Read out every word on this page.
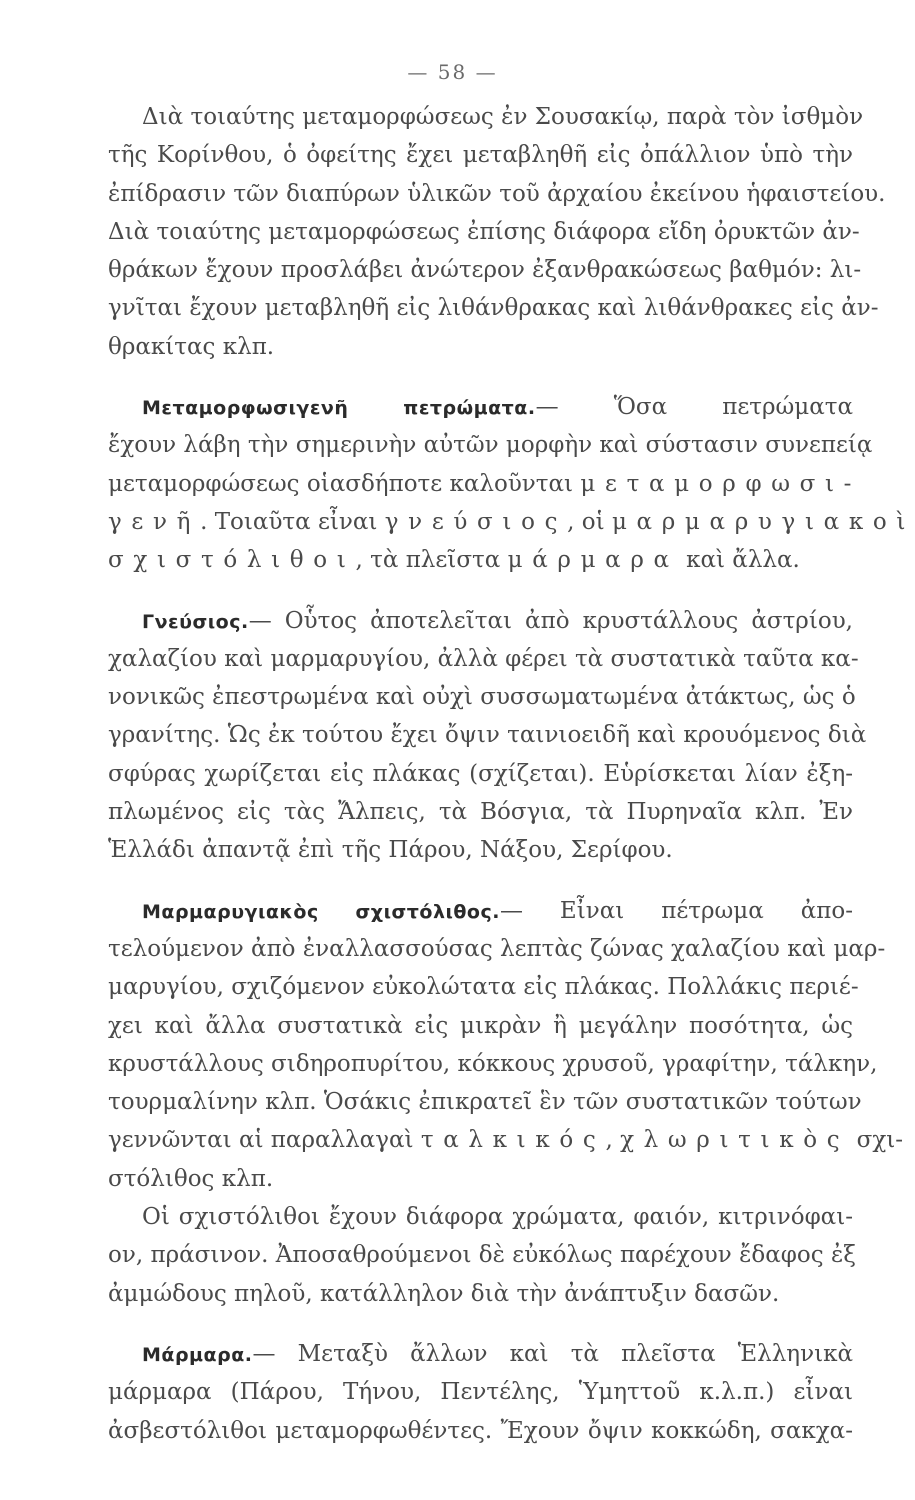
— 58 —
Διὰ τοιαύτης μεταμορφώσεως ἐν Σουσακίῳ, παρὰ τὸν ἰσθμὸν
τῆς Κορίνθου, ὁ ὀφείτης ἔχει μεταβληθῆ εἰς ὀπάλλιον ὑπὸ τὴν
ἐπίδρασιν τῶν διαπύρων ὑλικῶν τοῦ ἀρχαίου ἐκείνου ἡφαιστείου.
Διὰ τοιαύτης μεταμορφώσεως ἐπίσης διάφορα εἴδη ὀρυκτῶν ἀν-
θράκων ἔχουν προσλάβει ἀνώτερον ἐξανθρακώσεως βαθμόν: λι-
γνῖται ἔχουν μεταβληθῆ εἰς λιθάνθρακας καὶ λιθάνθρακες εἰς ἀν-
θρακίτας κλπ.
Μεταμορφωσιγενῆ πετρώματα.— Ὅσα πετρώματα
ἔχουν λάβη τὴν σημερινὴν αὐτῶν μορφὴν καὶ σύστασιν συνεπείᾳ
μεταμορφώσεως οἱασδήποτε καλοῦνται μεταμορφωσι-
γενῆ. Τοιαῦτα εἶναι γνεύσιος, οἱ μαρμαρυγιακοὶ
σχιστόλιθοι, τὰ πλεῖστα μάρμαρα καὶ ἄλλα.
Γνεύσιος.— Οὗτος ἀποτελεῖται ἀπὸ κρυστάλλους ἀστρίου,
χαλαζίου καὶ μαρμαρυγίου, ἀλλὰ φέρει τὰ συστατικὰ ταῦτα κα-
νονικῶς ἐπεστρωμένα καὶ οὐχὶ συσσωματωμένα ἀτάκτως, ὡς ὁ
γρανίτης. Ὡς ἐκ τούτου ἔχει ὄψιν ταινιοειδῆ καὶ κρουόμενος διὰ
σφύρας χωρίζεται εἰς πλάκας (σχίζεται). Εὑρίσκεται λίαν ἐξη-
πλωμένος εἰς τὰς Ἄλπεις, τὰ Βόσγια, τὰ Πυρηναῖα κλπ. Ἐν
Ἑλλάδι ἀπαντᾷ ἐπὶ τῆς Πάρου, Νάξου, Σερίφου.
Μαρμαρυγιακὸς σχιστόλιθος.— Εἶναι πέτρωμα ἀπο-
τελούμενον ἀπὸ ἐναλλασσούσας λεπτὰς ζώνας χαλαζίου καὶ μαρ-
μαρυγίου, σχιζόμενον εὐκολώτατα εἰς πλάκας. Πολλάκις περιέ-
χει καὶ ἄλλα συστατικὰ εἰς μικρὰν ἢ μεγάλην ποσότητα, ὡς
κρυστάλλους σιδηροπυρίτου, κόκκους χρυσοῦ, γραφίτην, τάλκην,
τουρμαλίνην κλπ. Ὁσάκις ἐπικρατεῖ ἓν τῶν συστατικῶν τούτων
γεννῶνται αἱ παραλλαγαὶ ταλκικός, χλωριτικὸς σχι-
στόλιθος κλπ.
Οἱ σχιστόλιθοι ἔχουν διάφορα χρώματα, φαιόν, κιτρινόφαι-
ον, πράσινον. Ἀποσαθρούμενοι δὲ εὐκόλως παρέχουν ἔδαφος ἐξ
ἀμμώδους πηλοῦ, κατάλληλον διὰ τὴν ἀνάπτυξιν δασῶν.
Μάρμαρα.— Μεταξὺ ἄλλων καὶ τὰ πλεῖστα Ἑλληνικὰ
μάρμαρα (Πάρου, Τήνου, Πεντέλης, Ὑμηττοῦ κ.λ.π.) εἶναι
ἀσβεστόλιθοι μεταμορφωθέντες. Ἔχουν ὄψιν κοκκώδη, σακχα-
